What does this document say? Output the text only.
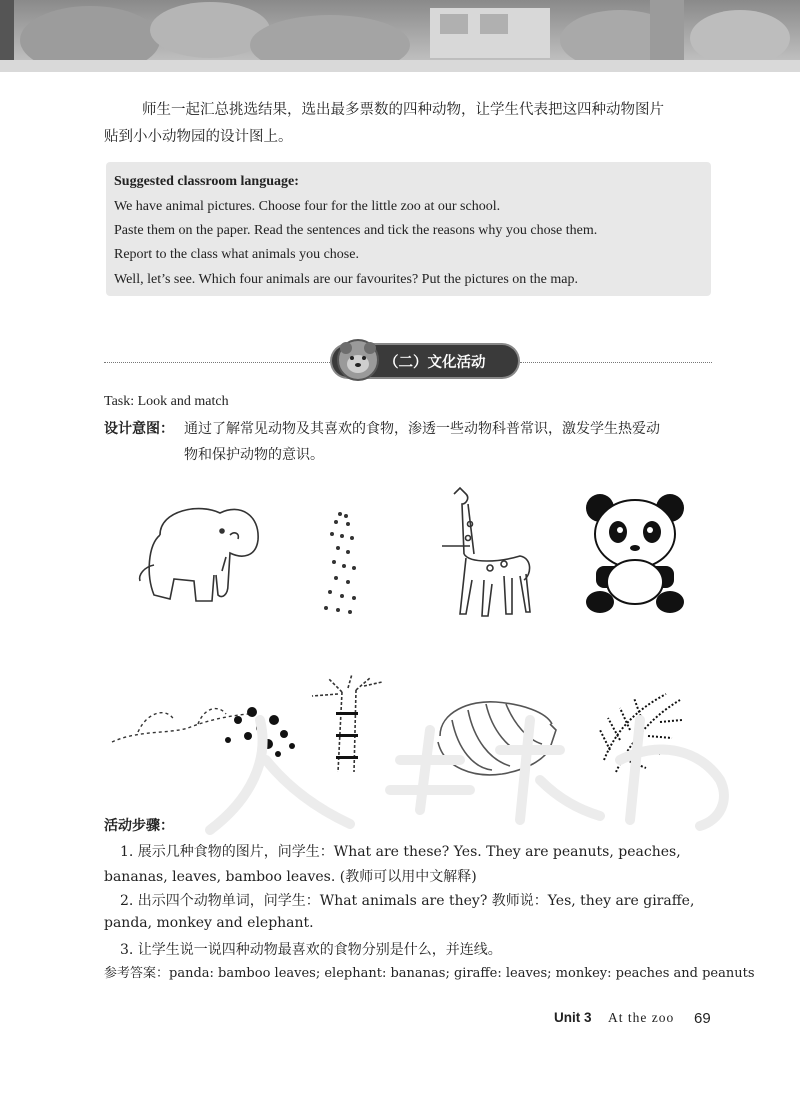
师生一起汇总挑选结果，选出最多票数的四种动物，让学生代表把这四种动物图片
贴到小小动物园的设计图上。
Suggested classroom language:
We have animal pictures. Choose four for the little zoo at our school.
Paste them on the paper. Read the sentences and tick the reasons why you chose them.
Report to the class what animals you chose.
Well, let’s see. Which four animals are our favourites? Put the pictures on the map.
（二）文化活动
Task: Look and match
设计意图： 通过了解常见动物及其喜欢的食物，渗透一些动物科普常识，激发学生热爱动
物和保护动物的意识。
活动步骤：
1. 展示几种食物的图片，问学生：What are these? Yes. They are peanuts, peaches,
bananas, leaves, bamboo leaves. (教师可以用中文解释)
2. 出示四个动物单词，问学生：What animals are they? 教师说：Yes, they are giraffe,
panda, monkey and elephant.
3. 让学生说一说四种动物最喜欢的食物分别是什么，并连线。
参考答案：panda: bamboo leaves; elephant: bananas; giraffe: leaves; monkey: peaches and peanuts
Unit 3 At the zoo 69
